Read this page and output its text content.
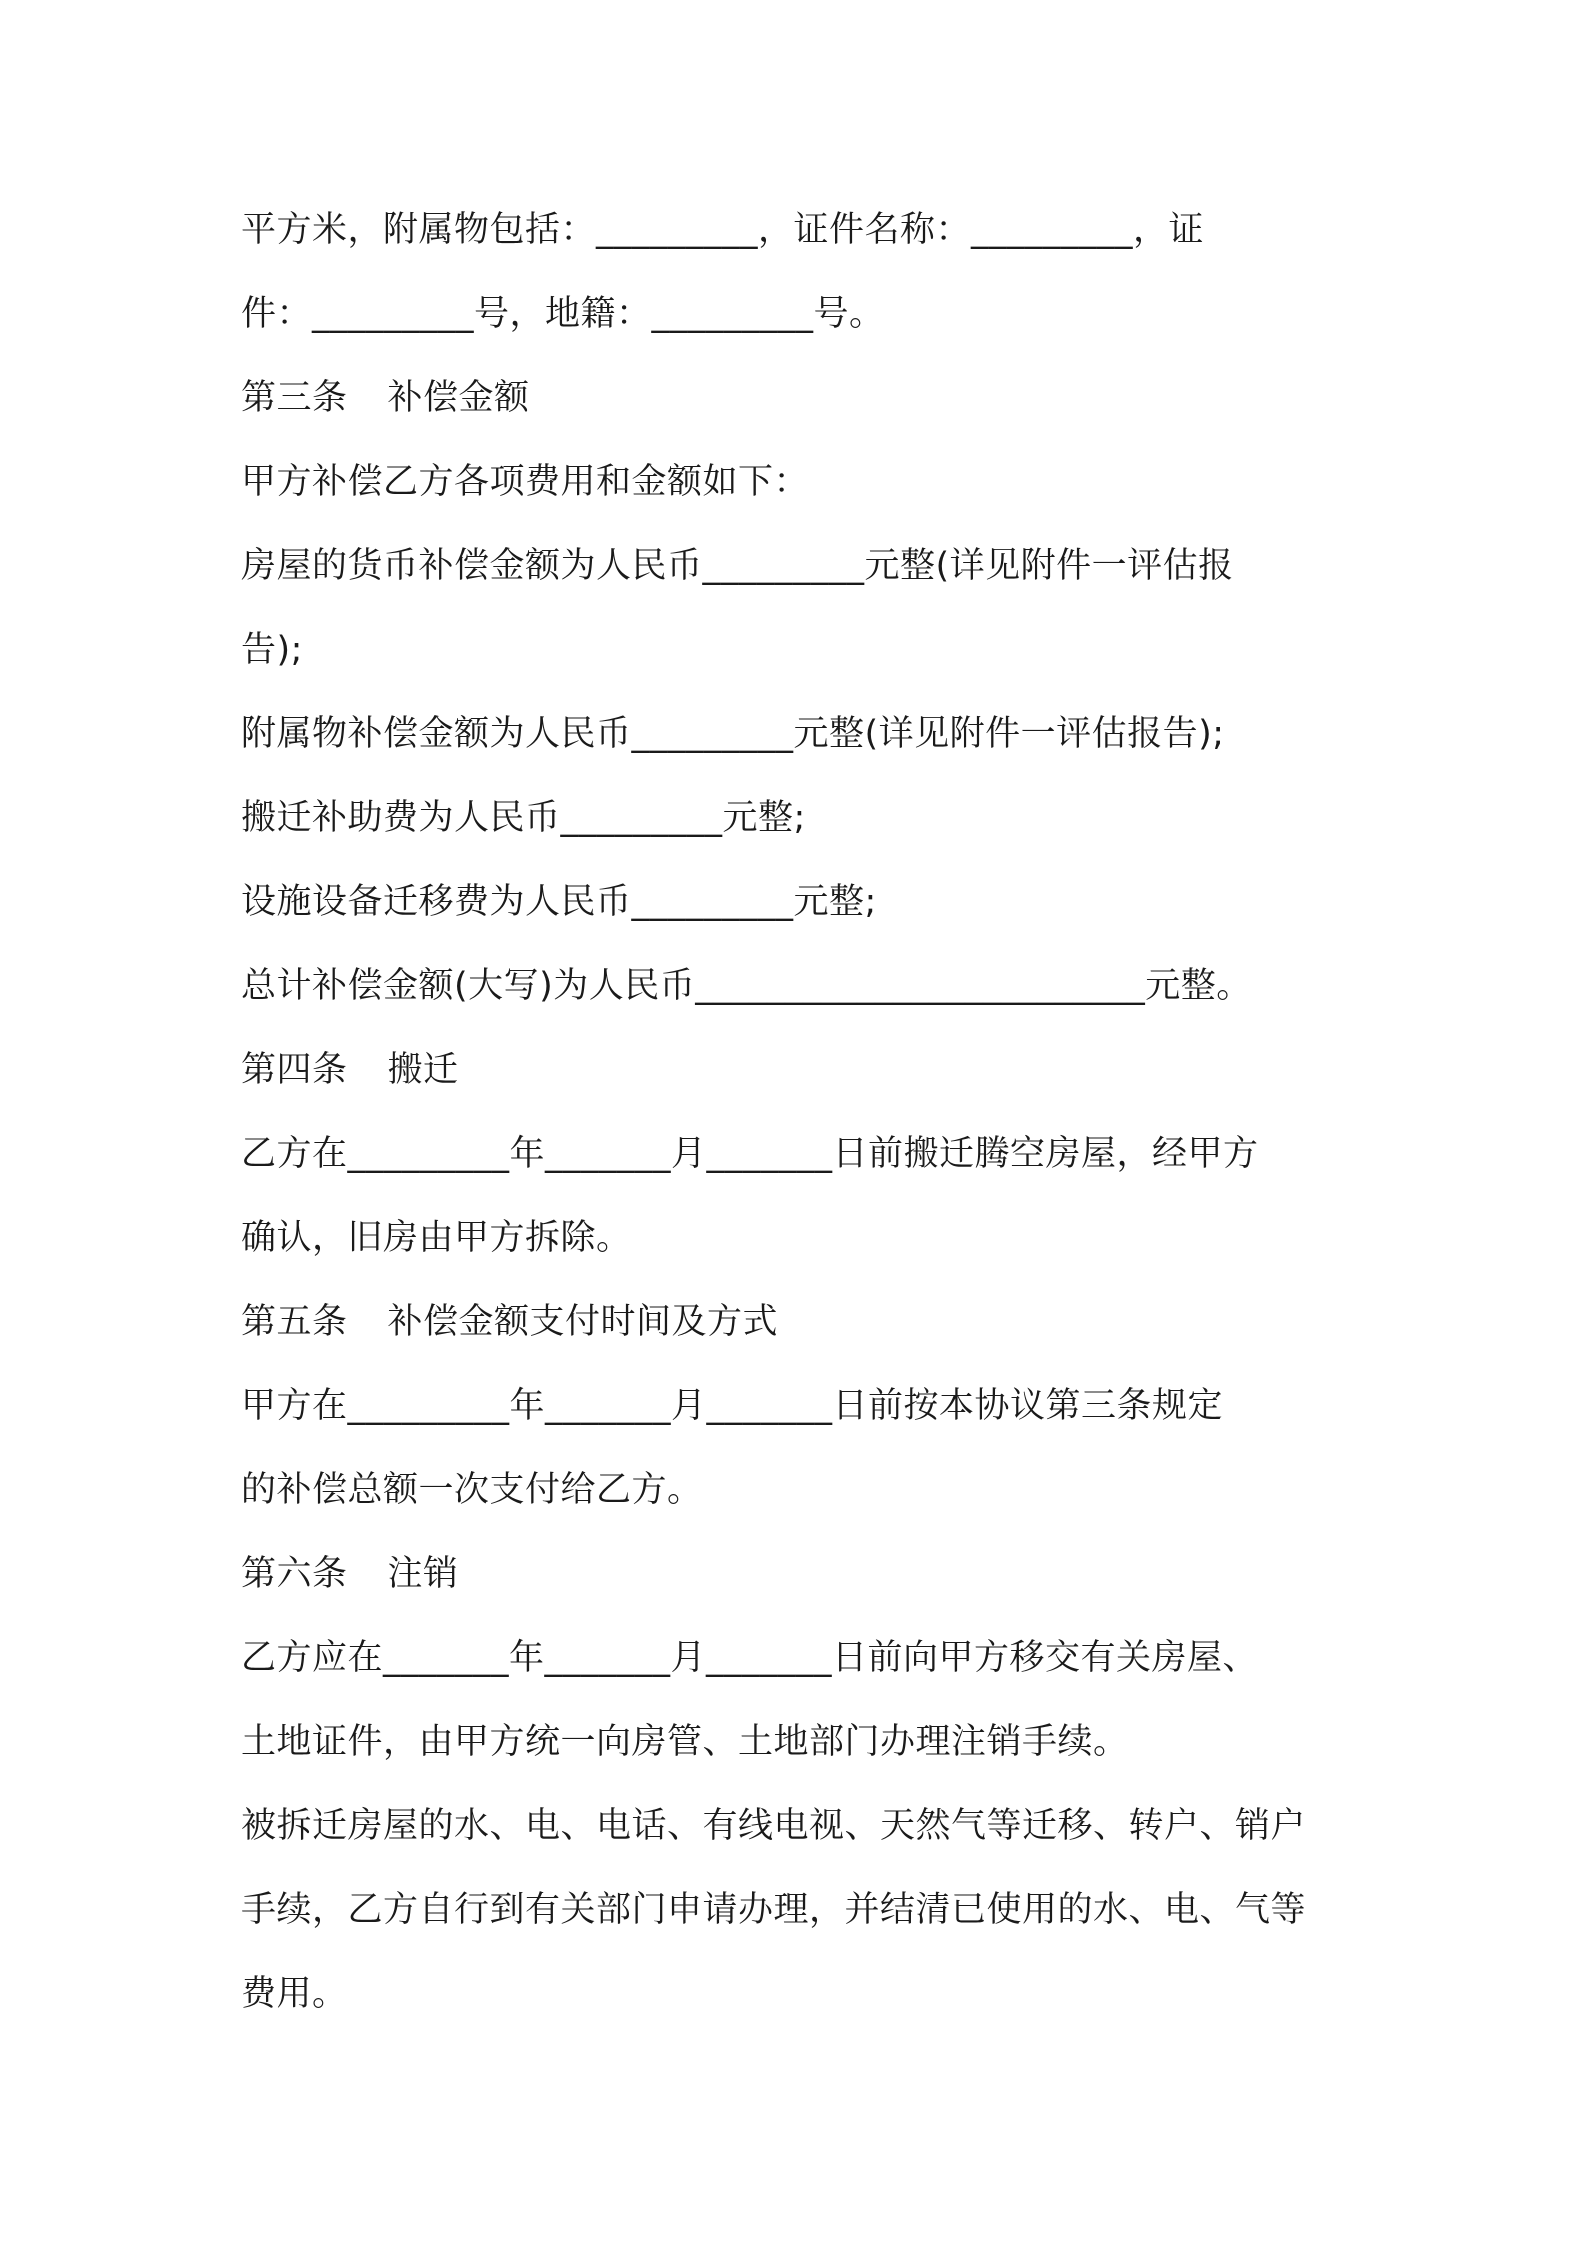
平方米，附属物包括：_________，证件名称：_________，证
件：_________号，地籍：_________号。
第三条 补偿金额
甲方补偿乙方各项费用和金额如下：
房屋的货币补偿金额为人民币_________元整(详见附件一评估报
告);
附属物补偿金额为人民币_________元整(详见附件一评估报告);
搬迁补助费为人民币_________元整;
设施设备迁移费为人民币_________元整;
总计补偿金额(大写)为人民币_________________________元整。
第四条 搬迁
乙方在_________年_______月_______日前搬迁腾空房屋，经甲方
确认，旧房由甲方拆除。
第五条 补偿金额支付时间及方式
甲方在_________年_______月_______日前按本协议第三条规定
的补偿总额一次支付给乙方。
第六条 注销
乙方应在_______年_______月_______日前向甲方移交有关房屋、
土地证件，由甲方统一向房管、土地部门办理注销手续。
被拆迁房屋的水、电、电话、有线电视、天然气等迁移、转户、销户
手续，乙方自行到有关部门申请办理，并结清已使用的水、电、气等
费用。
